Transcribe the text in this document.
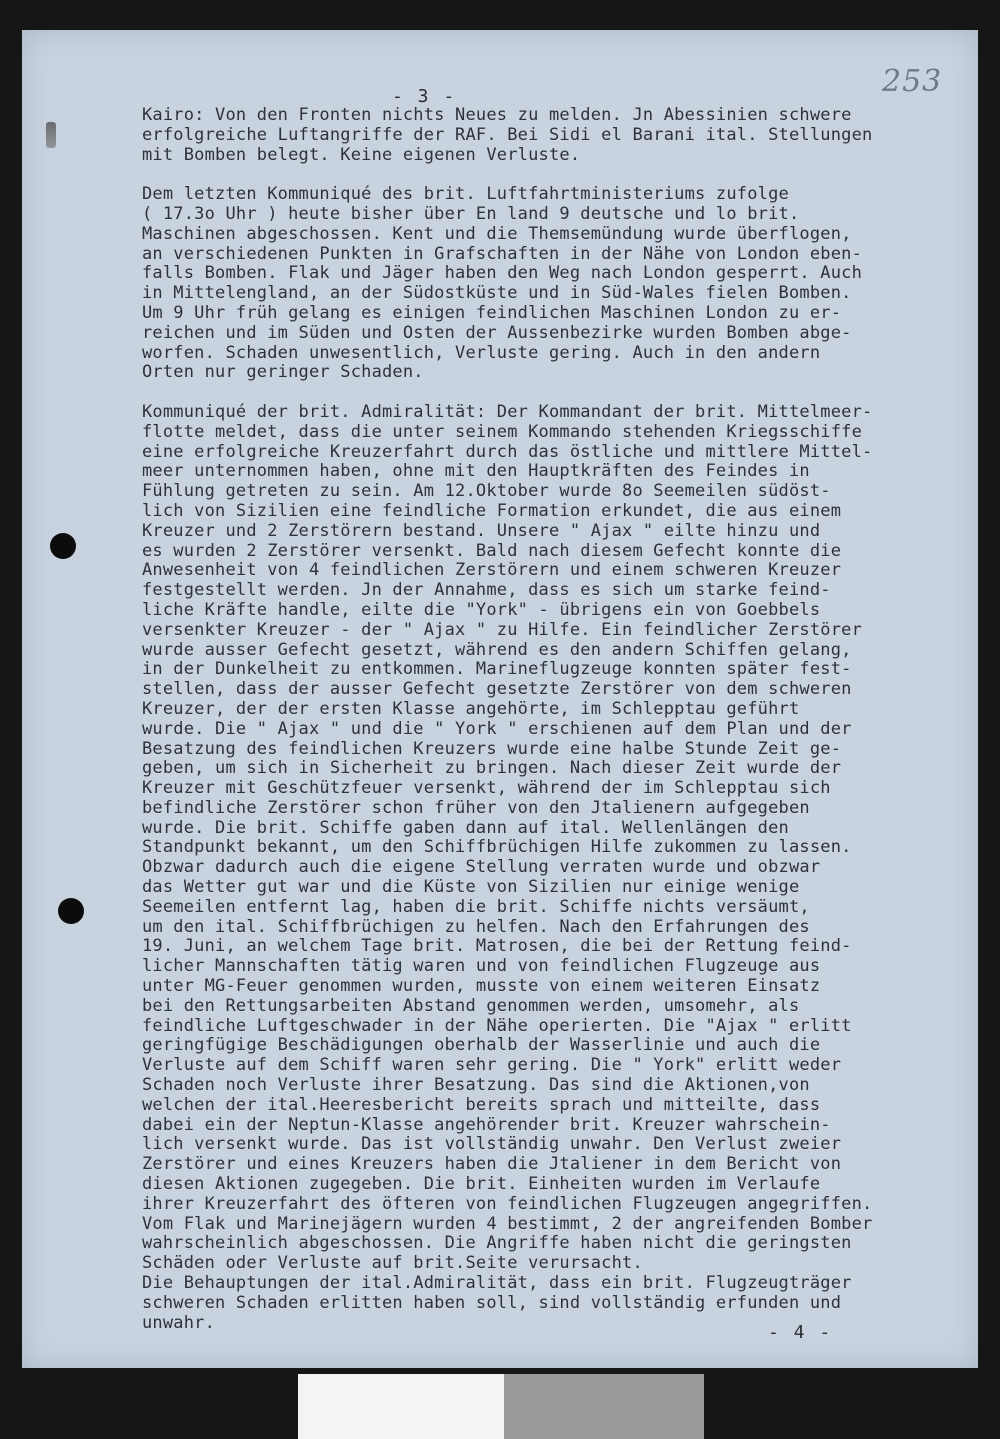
253
- 3 -
Kairo: Von den Fronten nichts Neues zu melden. Jn Abessinien schwere
erfolgreiche Luftangriffe der RAF. Bei Sidi el Barani ital. Stellungen
mit Bomben belegt. Keine eigenen Verluste.
Dem letzten Kommuniqué des brit. Luftfahrtministeriums zufolge
( 17.3o Uhr ) heute bisher über En land 9 deutsche und lo brit.
Maschinen abgeschossen. Kent und die Themsemündung wurde überflogen,
an verschiedenen Punkten in Grafschaften in der Nähe von London eben-
falls Bomben. Flak und Jäger haben den Weg nach London gesperrt. Auch
in Mittelengland, an der Südostküste und in Süd-Wales fielen Bomben.
Um 9 Uhr früh gelang es einigen feindlichen Maschinen London zu er-
reichen und im Süden und Osten der Aussenbezirke wurden Bomben abge-
worfen. Schaden unwesentlich, Verluste gering. Auch in den andern
Orten nur geringer Schaden.
Kommuniqué der brit. Admiralität: Der Kommandant der brit. Mittelmeer-
flotte meldet, dass die unter seinem Kommando stehenden Kriegsschiffe
eine erfolgreiche Kreuzerfahrt durch das östliche und mittlere Mittel-
meer unternommen haben, ohne mit den Hauptkräften des Feindes in
Fühlung getreten zu sein. Am 12.Oktober wurde 8o Seemeilen südöst-
lich von Sizilien eine feindliche Formation erkundet, die aus einem
Kreuzer und 2 Zerstörern bestand. Unsere " Ajax " eilte hinzu und
es wurden 2 Zerstörer versenkt. Bald nach diesem Gefecht konnte die
Anwesenheit von 4 feindlichen Zerstörern und einem schweren Kreuzer
festgestellt werden. Jn der Annahme, dass es sich um starke feind-
liche Kräfte handle, eilte die "York" - übrigens ein von Goebbels
versenkter Kreuzer - der " Ajax " zu Hilfe. Ein feindlicher Zerstörer
wurde ausser Gefecht gesetzt, während es den andern Schiffen gelang,
in der Dunkelheit zu entkommen. Marineflugzeuge konnten später fest-
stellen, dass der ausser Gefecht gesetzte Zerstörer von dem schweren
Kreuzer, der der ersten Klasse angehörte, im Schlepptau geführt
wurde. Die " Ajax " und die " York " erschienen auf dem Plan und der
Besatzung des feindlichen Kreuzers wurde eine halbe Stunde Zeit ge-
geben, um sich in Sicherheit zu bringen. Nach dieser Zeit wurde der
Kreuzer mit Geschützfeuer versenkt, während der im Schlepptau sich
befindliche Zerstörer schon früher von den Jtalienern aufgegeben
wurde. Die brit. Schiffe gaben dann auf ital. Wellenlängen den
Standpunkt bekannt, um den Schiffbrüchigen Hilfe zukommen zu lassen.
Obzwar dadurch auch die eigene Stellung verraten wurde und obzwar
das Wetter gut war und die Küste von Sizilien nur einige wenige
Seemeilen entfernt lag, haben die brit. Schiffe nichts versäumt,
um den ital. Schiffbrüchigen zu helfen. Nach den Erfahrungen des
19. Juni, an welchem Tage brit. Matrosen, die bei der Rettung feind-
licher Mannschaften tätig waren und von feindlichen Flugzeuge aus
unter MG-Feuer genommen wurden, musste von einem weiteren Einsatz
bei den Rettungsarbeiten Abstand genommen werden, umsomehr, als
feindliche Luftgeschwader in der Nähe operierten. Die "Ajax " erlitt
geringfügige Beschädigungen oberhalb der Wasserlinie und auch die
Verluste auf dem Schiff waren sehr gering. Die " York" erlitt weder
Schaden noch Verluste ihrer Besatzung. Das sind die Aktionen,von
welchen der ital.Heeresbericht bereits sprach und mitteilte, dass
dabei ein der Neptun-Klasse angehörender brit. Kreuzer wahrschein-
lich versenkt wurde. Das ist vollständig unwahr. Den Verlust zweier
Zerstörer und eines Kreuzers haben die Jtaliener in dem Bericht von
diesen Aktionen zugegeben. Die brit. Einheiten wurden im Verlaufe
ihrer Kreuzerfahrt des öfteren von feindlichen Flugzeugen angegriffen.
Vom Flak und Marinejägern wurden 4 bestimmt, 2 der angreifenden Bomber
wahrscheinlich abgeschossen. Die Angriffe haben nicht die geringsten
Schäden oder Verluste auf brit.Seite verursacht.
Die Behauptungen der ital.Admiralität, dass ein brit. Flugzeugträger
schweren Schaden erlitten haben soll, sind vollständig erfunden und
unwahr.	- 4 -
